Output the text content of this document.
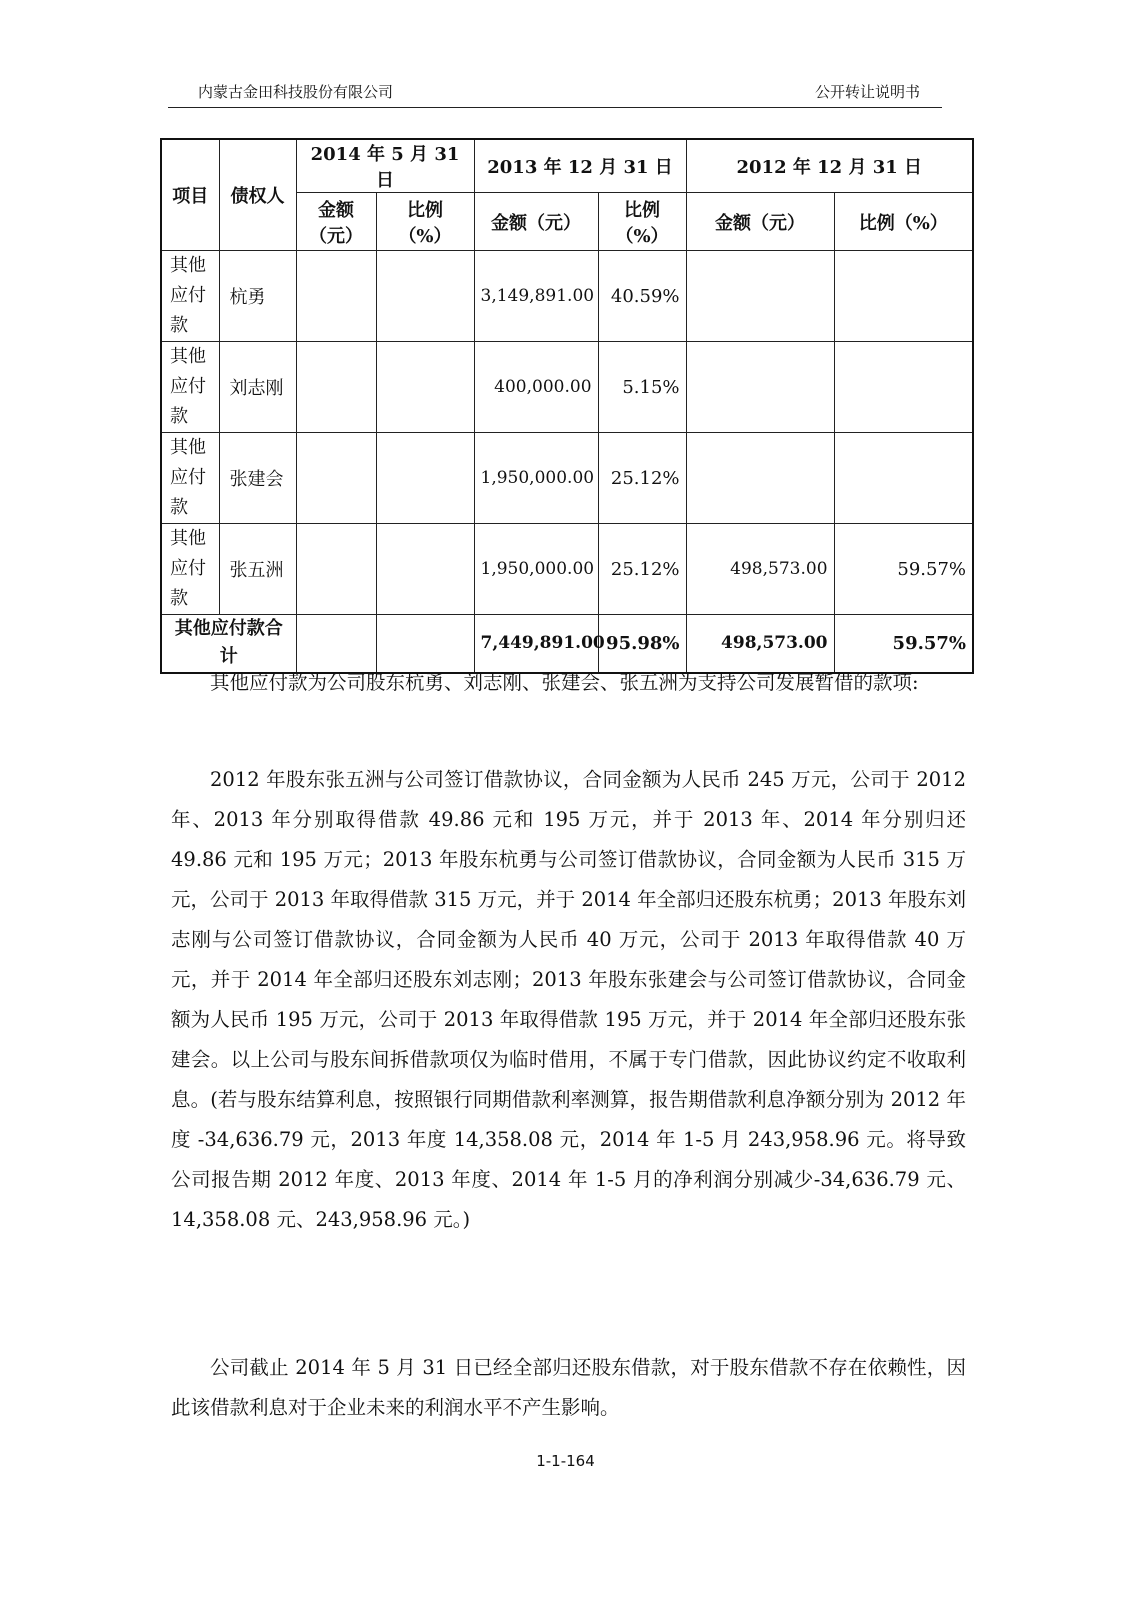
内蒙古金田科技股份有限公司	公开转让说明书
项目	债权人	2014 年 5 月 31 日		2013 年 12 月 31 日		2012 年 12 月 31 日	
		金额（元）	比例（%）	金额（元）	比例（%）	金额（元）	比例（%）
其他应付款	杭勇			3,149,891.00	40.59%		
其他应付款	刘志刚			400,000.00	5.15%		
其他应付款	张建会			1,950,000.00	25.12%		
其他应付款	张五洲			1,950,000.00	25.12%	498,573.00	59.57%
其他应付款合计				7,449,891.00	95.98%	498,573.00	59.57%
其他应付款为公司股东杭勇、刘志刚、张建会、张五洲为支持公司发展暂借的款项:
2012 年股东张五洲与公司签订借款协议，合同金额为人民币 245 万元，公司于 2012 年、2013 年分别取得借款 49.86 元和 195 万元，并于 2013 年、2014 年分别归还 49.86 元和 195 万元；2013 年股东杭勇与公司签订借款协议，合同金额为人民币 315 万元，公司于 2013 年取得借款 315 万元，并于 2014 年全部归还股东杭勇；2013 年股东刘志刚与公司签订借款协议，合同金额为人民币 40 万元，公司于 2013 年取得借款 40 万元，并于 2014 年全部归还股东刘志刚；2013 年股东张建会与公司签订借款协议，合同金额为人民币 195 万元，公司于 2013 年取得借款 195 万元，并于 2014 年全部归还股东张建会。以上公司与股东间拆借款项仅为临时借用，不属于专门借款，因此协议约定不收取利息。(若与股东结算利息，按照银行同期借款利率测算，报告期借款利息净额分别为 2012 年度 -34,636.79 元，2013 年度 14,358.08 元，2014 年 1-5 月 243,958.96 元。将导致公司报告期 2012 年度、2013 年度、2014 年 1-5 月的净利润分别减少-34,636.79 元、14,358.08 元、243,958.96 元。)
公司截止 2014 年 5 月 31 日已经全部归还股东借款，对于股东借款不存在依赖性，因此该借款利息对于企业未来的利润水平不产生影响。
1-1-164
